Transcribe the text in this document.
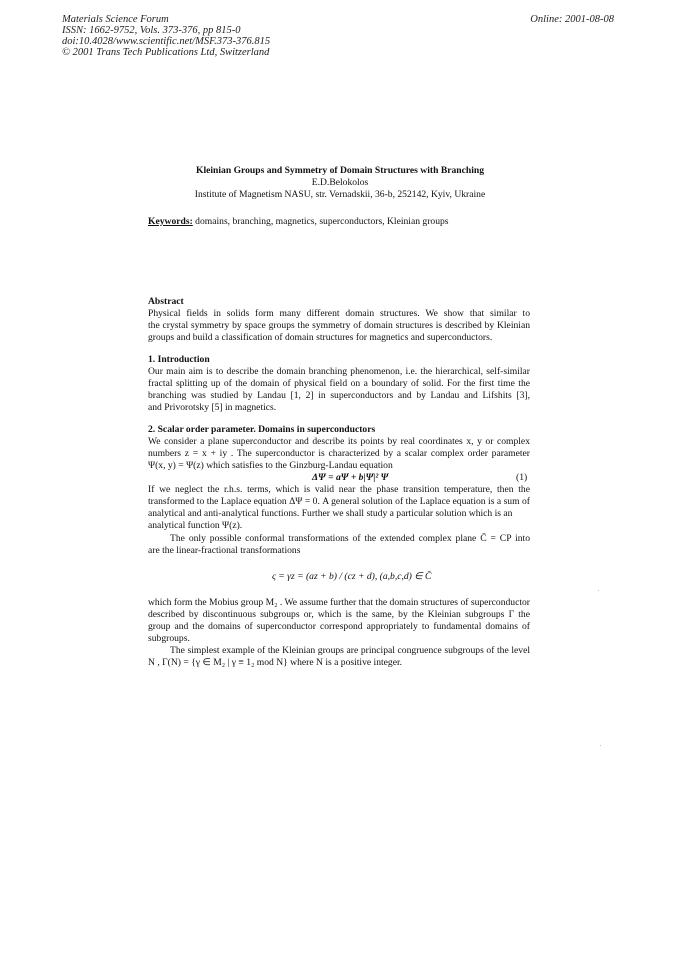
Materials Science Forum
ISSN: 1662-9752, Vols. 373-376, pp 815-0
doi:10.4028/www.scientific.net/MSF.373-376.815
© 2001 Trans Tech Publications Ltd, Switzerland
Online: 2001-08-08
Kleinian Groups and Symmetry of Domain Structures with Branching
E.D.Belokolos
Institute of Magnetism NASU, str. Vernadskii, 36-b, 252142, Kyiv, Ukraine
Keywords: domains, branching, magnetics, superconductors, Kleinian groups
Abstract
Physical fields in solids form many different domain structures. We show that similar to
the crystal symmetry by space groups the symmetry of domain structures is described by Kleinian
groups and build a classification of domain structures for magnetics and superconductors.
1. Introduction
Our main aim is to describe the domain branching phenomenon, i.e. the hierarchical, self-similar
fractal splitting up of the domain of physical field on a boundary of solid. For the first time the
branching was studied by Landau [1, 2] in superconductors and by Landau and Lifshits [3],
and Privorotsky [5] in magnetics.
2. Scalar order parameter. Domains in superconductors
We consider a plane superconductor and describe its points by real coordinates x, y or complex
numbers z = x + iy . The superconductor is characterized by a scalar complex order parameter
Ψ(x, y) = Ψ(z) which satisfies to the Ginzburg-Landau equation
ΔΨ = aΨ + b|Ψ|² Ψ	(1)
If we neglect the r.h.s. terms, which is valid near the phase transition temperature, then the
transformed to the Laplace equation ΔΨ = 0. A general solution of the Laplace equation is a sum of
analytical and anti-analytical functions. Further we shall study a particular solution which is an
analytical function Ψ(z).
The only possible conformal transformations of the extended complex plane C̄ = CP into
are the linear-fractional transformations
ς = γz = (az + b) / (cz + d), (a,b,c,d) ∈ C̄
which form the Mobius group M₂ . We assume further that the domain structures of superconductor
described by discontinuous subgroups or, which is the same, by the Kleinian subgroups Γ the
group and the domains of superconductor correspond appropriately to fundamental domains of
subgroups.
The simplest example of the Kleinian groups are principal congruence subgroups of the level
N , Γ(N) = {γ ∈ M₂ | γ ≡ 1₂ mod N} where N is a positive integer.
